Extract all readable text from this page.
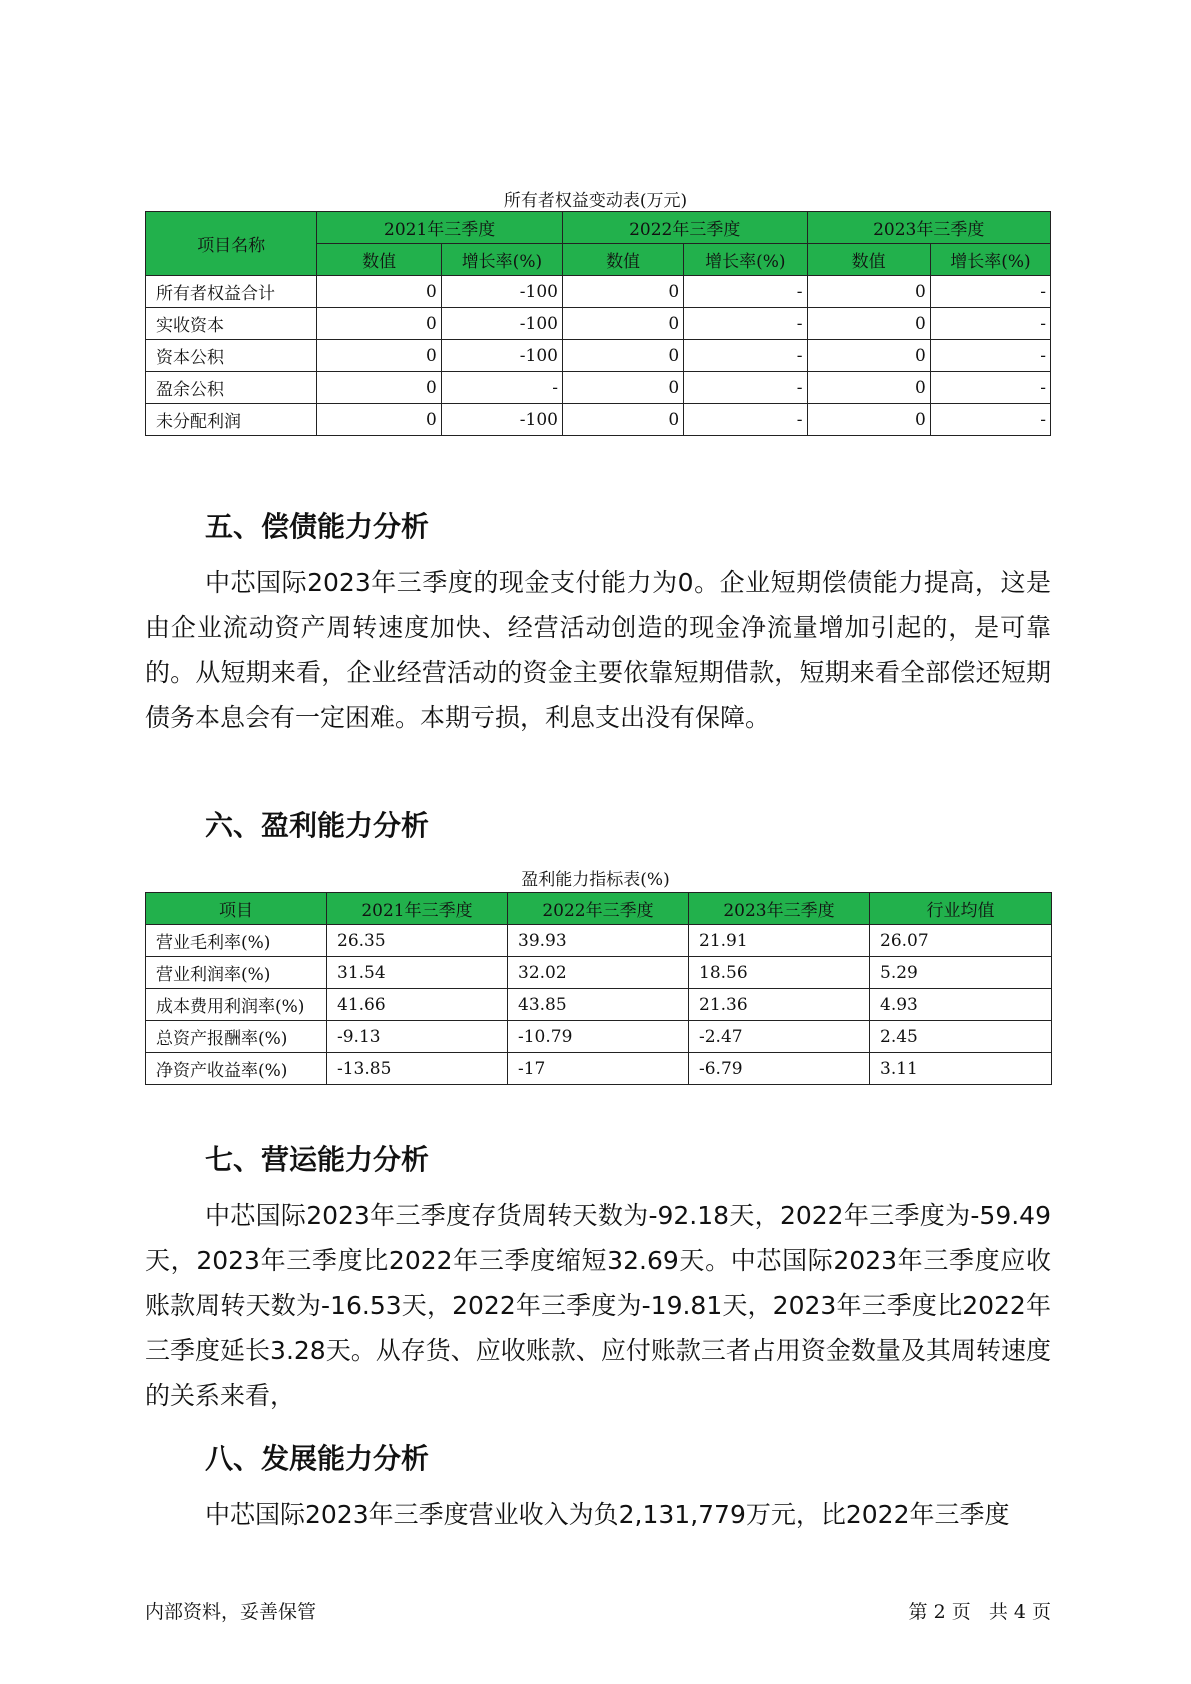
所有者权益变动表(万元)
项目名称	2021年三季度		2022年三季度		2023年三季度	
	数值	增长率(%)	数值	增长率(%)	数值	增长率(%)
所有者权益合计	0	-100	0	-	0	-
实收资本	0	-100	0	-	0	-
资本公积	0	-100	0	-	0	-
盈余公积	0	-	0	-	0	-
未分配利润	0	-100	0	-	0	-
五、偿债能力分析

中芯国际2023年三季度的现金支付能力为0。企业短期偿债能力提高，这是由企业流动资产周转速度加快、经营活动创造的现金净流量增加引起的，是可靠的。从短期来看，企业经营活动的资金主要依靠短期借款，短期来看全部偿还短期债务本息会有一定困难。本期亏损，利息支出没有保障。

六、盈利能力分析
盈利能力指标表(%)
项目	2021年三季度	2022年三季度	2023年三季度	行业均值
营业毛利率(%)	26.35	39.93	21.91	26.07
营业利润率(%)	31.54	32.02	18.56	5.29
成本费用利润率(%)	41.66	43.85	21.36	4.93
总资产报酬率(%)	-9.13	-10.79	-2.47	2.45
净资产收益率(%)	-13.85	-17	-6.79	3.11
七、营运能力分析

中芯国际2023年三季度存货周转天数为-92.18天，2022年三季度为-59.49天，2023年三季度比2022年三季度缩短32.69天。中芯国际2023年三季度应收账款周转天数为-16.53天，2022年三季度为-19.81天，2023年三季度比2022年三季度延长3.28天。从存货、应收账款、应付账款三者占用资金数量及其周转速度的关系来看，

八、发展能力分析

中芯国际2023年三季度营业收入为负2,131,779万元，比2022年三季度

内部资料，妥善保管	第 2 页   共 4 页
